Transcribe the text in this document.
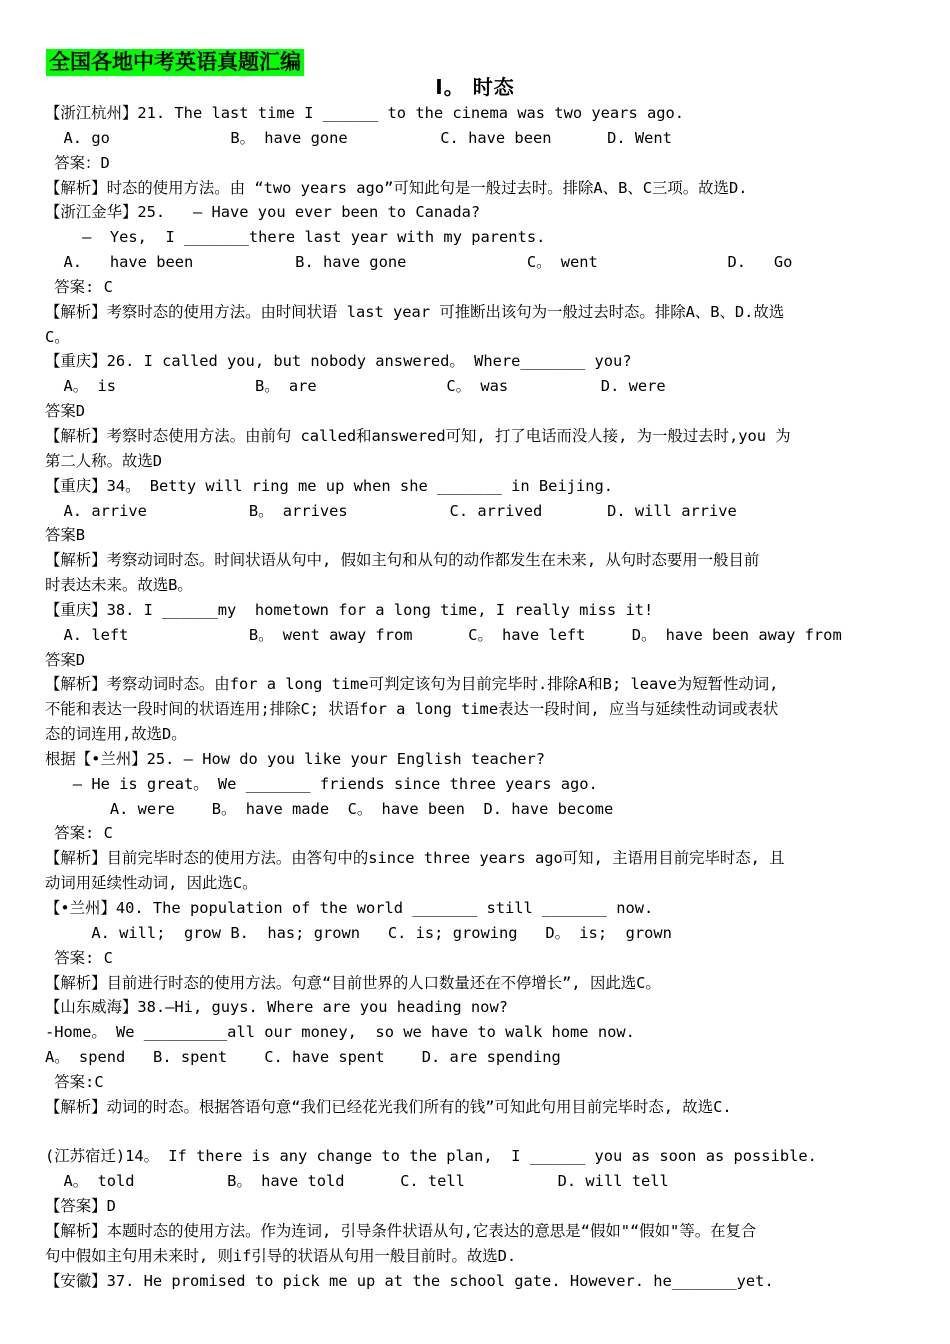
全国各地中考英语真题汇编
I。 时态
【浙江杭州】21. The last time I ______ to the cinema was two years ago.
A. go             B。 have gone          C. have been      D. Went
答案：D
【解析】时态的使用方法。由 “two years ago”可知此句是一般过去时。排除A、B、C三项。故选D.
【浙江金华】25.   — Have you ever been to Canada?
—  Yes,  I _______there last year with my parents.
A.   have been           B. have gone             C。 went              D.   Go
答案: C
【解析】考察时态的使用方法。由时间状语 last year 可推断出该句为一般过去时态。排除A、B、D.故选
C。
【重庆】26. I called you, but nobody answered。 Where_______ you?
A。 is               B。 are              C。 was          D. were
答案D
【解析】考察时态使用方法。由前句 called和answered可知, 打了电话而没人接, 为一般过去时,you 为
第二人称。故选D
【重庆】34。 Betty will ring me up when she _______ in Beijing.
A. arrive           B。 arrives           C. arrived       D. will arrive
答案B
【解析】考察动词时态。时间状语从句中, 假如主句和从句的动作都发生在未来, 从句时态要用一般目前
时表达未来。故选B。
【重庆】38. I ______my  hometown for a long time, I really miss it!
A. left             B。 went away from      C。 have left     D。 have been away from
答案D
【解析】考察动词时态。由for a long time可判定该句为目前完毕时.排除A和B; leave为短暂性动词,
不能和表达一段时间的状语连用;排除C; 状语for a long time表达一段时间, 应当与延续性动词或表状
态的词连用,故选D。
根据【•兰州】25. — How do you like your English teacher?
— He is great。 We _______ friends since three years ago.
A. were    B。 have made  C。 have been  D. have become
答案: C
【解析】目前完毕时态的使用方法。由答句中的since three years ago可知, 主语用目前完毕时态, 且
动词用延续性动词, 因此选C。
【•兰州】40. The population of the world _______ still _______ now.
A. will;  grow B.  has; grown   C. is; growing   D。 is;  grown
答案: C
【解析】目前进行时态的使用方法。句意“目前世界的人口数量还在不停增长”, 因此选C。
【山东威海】38.—Hi, guys. Where are you heading now?
-Home。 We _________all our money,  so we have to walk home now.
A。 spend   B. spent    C. have spent    D. are spending
答案:C
【解析】动词的时态。根据答语句意“我们已经花光我们所有的钱”可知此句用目前完毕时态, 故选C.
(江苏宿迁)14。 If there is any change to the plan,  I ______ you as soon as possible.
A。 told          B。 have told      C. tell          D. will tell
【答案】D
【解析】本题时态的使用方法。作为连词, 引导条件状语从句,它表达的意思是“假如"“假如"等。在复合
句中假如主句用未来时, 则if引导的状语从句用一般目前时。故选D.
【安徽】37. He promised to pick me up at the school gate. However. he_______yet.
